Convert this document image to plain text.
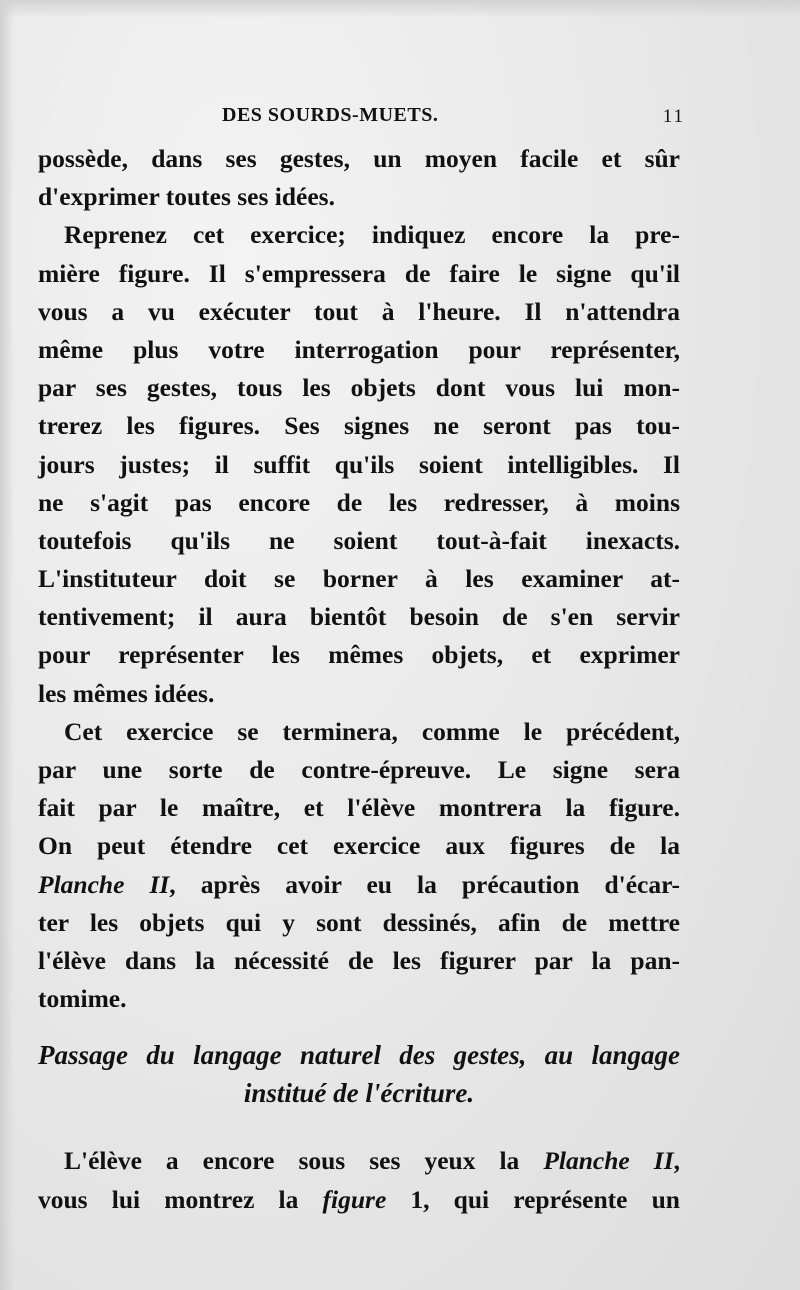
DES SOURDS-MUETS.	11
possède, dans ses gestes, un moyen facile et sûr
d'exprimer toutes ses idées.
Reprenez cet exercice; indiquez encore la pre-
mière figure. Il s'empressera de faire le signe qu'il
vous a vu exécuter tout à l'heure. Il n'attendra
même plus votre interrogation pour représenter,
par ses gestes, tous les objets dont vous lui mon-
trerez les figures. Ses signes ne seront pas tou-
jours justes; il suffit qu'ils soient intelligibles. Il
ne s'agit pas encore de les redresser, à moins
toutefois qu'ils ne soient tout-à-fait inexacts.
L'instituteur doit se borner à les examiner at-
tentivement; il aura bientôt besoin de s'en servir
pour représenter les mêmes objets, et exprimer
les mêmes idées.
Cet exercice se terminera, comme le précédent,
par une sorte de contre-épreuve. Le signe sera
fait par le maître, et l'élève montrera la figure.
On peut étendre cet exercice aux figures de la
Planche II, après avoir eu la précaution d'écar-
ter les objets qui y sont dessinés, afin de mettre
l'élève dans la nécessité de les figurer par la pan-
tomime.
Passage du langage naturel des gestes, au langage
institué de l'écriture.
L'élève a encore sous ses yeux la Planche II,
vous lui montrez la figure 1, qui représente un
